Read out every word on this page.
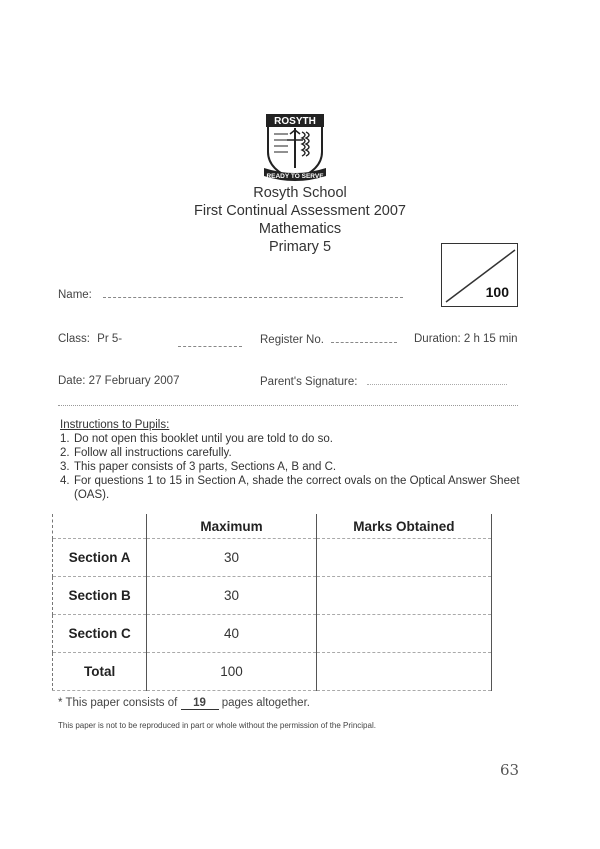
ROSYTH
READY TO SERVE
Rosyth School
First Continual Assessment 2007
Mathematics
Primary 5
100
Name:
Class: Pr 5-	Register No.	Duration: 2 h 15 min
Date: 27 February 2007	Parent's Signature:
Instructions to Pupils:
1. Do not open this booklet until you are told to do so.
2. Follow all instructions carefully.
3. This paper consists of 3 parts, Sections A, B and C.
4. For questions 1 to 15 in Section A, shade the correct ovals on the Optical Answer Sheet (OAS).
	Maximum	Marks Obtained
Section A	30	
Section B	30	
Section C	40	
Total	100	
* This paper consists of 19 pages altogether.
This paper is not to be reproduced in part or whole without the permission of the Principal.
63
